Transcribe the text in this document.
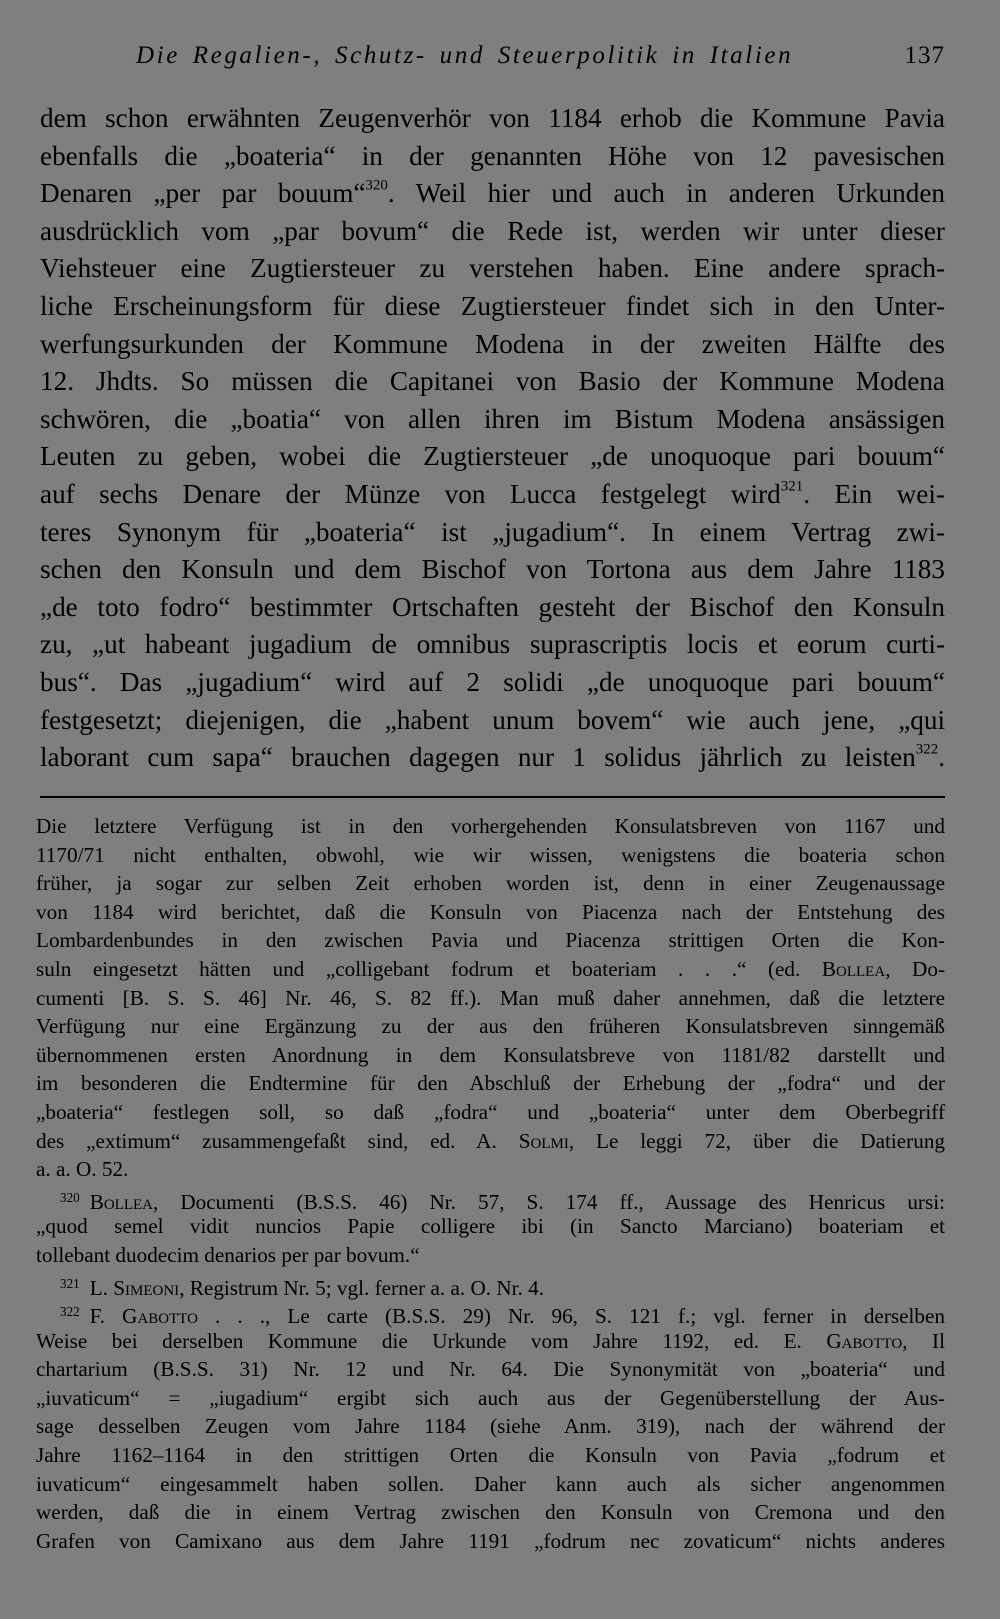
Die Regalien-, Schutz- und Steuerpolitik in Italien	137
dem schon erwähnten Zeugenverhör von 1184 erhob die Kommune Pavia
ebenfalls die „boateria“ in der genannten Höhe von 12 pavesischen
Denaren „per par bouum“$^{320}$. Weil hier und auch in anderen Urkunden
ausdrücklich vom „par bovum“ die Rede ist, werden wir unter dieser
Viehsteuer eine Zugtiersteuer zu verstehen haben. Eine andere sprach-
liche Erscheinungsform für diese Zugtiersteuer findet sich in den Unter-
werfungsurkunden der Kommune Modena in der zweiten Hälfte des
12. Jhdts. So müssen die Capitanei von Basio der Kommune Modena
schwören, die „boatia“ von allen ihren im Bistum Modena ansässigen
Leuten zu geben, wobei die Zugtiersteuer „de unoquoque pari bouum“
auf sechs Denare der Münze von Lucca festgelegt wird$^{321}$. Ein wei-
teres Synonym für „boateria“ ist „jugadium“. In einem Vertrag zwi-
schen den Konsuln und dem Bischof von Tortona aus dem Jahre 1183
„de toto fodro“ bestimmter Ortschaften gesteht der Bischof den Konsuln
zu, „ut habeant jugadium de omnibus suprascriptis locis et eorum curti-
bus“. Das „jugadium“ wird auf 2 solidi „de unoquoque pari bouum“
festgesetzt; diejenigen, die „habent unum bovem“ wie auch jene, „qui
laborant cum sapa“ brauchen dagegen nur 1 solidus jährlich zu leisten$^{322}$.
Die letztere Verfügung ist in den vorhergehenden Konsulatsbreven von 1167 und
1170/71 nicht enthalten, obwohl, wie wir wissen, wenigstens die boateria schon
früher, ja sogar zur selben Zeit erhoben worden ist, denn in einer Zeugenaussage
von 1184 wird berichtet, daß die Konsuln von Piacenza nach der Entstehung des
Lombardenbundes in den zwischen Pavia und Piacenza strittigen Orten die Kon-
suln eingesetzt hätten und „colligebant fodrum et boateriam . . .“ (ed. Bollea, Do-
cumenti [B. S. S. 46] Nr. 46, S. 82 ff.). Man muß daher annehmen, daß die letztere
Verfügung nur eine Ergänzung zu der aus den früheren Konsulatsbreven sinngemäß
übernommenen ersten Anordnung in dem Konsulatsbreve von 1181/82 darstellt und
im besonderen die Endtermine für den Abschluß der Erhebung der „fodra“ und der
„boateria“ festlegen soll, so daß „fodra“ und „boateria“ unter dem Oberbegriff
des „extimum“ zusammengefaßt sind, ed. A. Solmi, Le leggi 72, über die Datierung
a. a. O. 52.
$^{320}$ Bollea, Documenti (B.S.S. 46) Nr. 57, S. 174 ff., Aussage des Henricus ursi:
„quod semel vidit nuncios Papie colligere ibi (in Sancto Marciano) boateriam et
tollebant duodecim denarios per par bovum.“
$^{321}$ L. Simeoni, Registrum Nr. 5; vgl. ferner a. a. O. Nr. 4.
$^{322}$ F. Gabotto . . ., Le carte (B.S.S. 29) Nr. 96, S. 121 f.; vgl. ferner in derselben
Weise bei derselben Kommune die Urkunde vom Jahre 1192, ed. E. Gabotto, Il
chartarium (B.S.S. 31) Nr. 12 und Nr. 64. Die Synonymität von „boateria“ und
„iuvaticum“ = „iugadium“ ergibt sich auch aus der Gegenüberstellung der Aus-
sage desselben Zeugen vom Jahre 1184 (siehe Anm. 319), nach der während der
Jahre 1162–1164 in den strittigen Orten die Konsuln von Pavia „fodrum et
iuvaticum“ eingesammelt haben sollen. Daher kann auch als sicher angenommen
werden, daß die in einem Vertrag zwischen den Konsuln von Cremona und den
Grafen von Camixano aus dem Jahre 1191 „fodrum nec zovaticum“ nichts anderes
